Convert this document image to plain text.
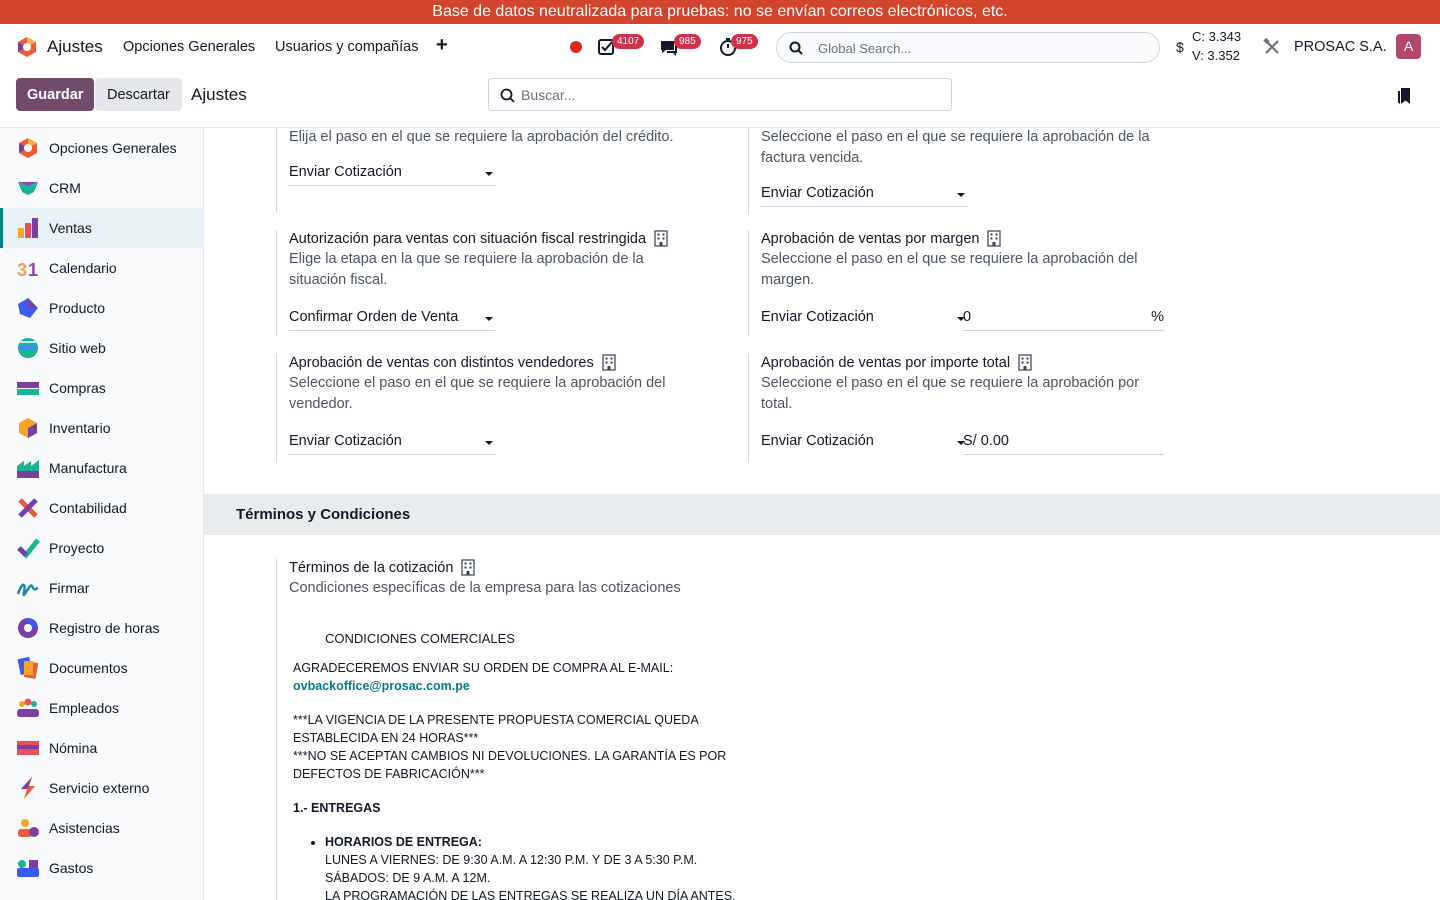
Base de datos neutralizada para pruebas: no se envían correos electrónicos, etc.
Ajustes Opciones Generales Usuarios y compañías +	4107	985	975
Global Search...	$
C: 3.343
V: 3.352
PROSAC S.A.	A
Guardar	Descartar	Ajustes
Buscar...
Opciones Generales
CRM
Ventas
3 1 Calendario
Producto
Sitio web
Compras
Inventario
Manufactura
Contabilidad
Proyecto
Firmar
Registro de horas
Documentos
Empleados
Nómina
Servicio externo
Asistencias
Gastos
Elija el paso en el que se requiere la aprobación del crédito.
Enviar Cotización
Seleccione el paso en el que se requiere la aprobación de la factura vencida.
Enviar Cotización
Autorización para ventas con situación fiscal restringida
Elige la etapa en la que se requiere la aprobación de la situación fiscal.
Confirmar Orden de Venta
Aprobación de ventas por margen
Seleccione el paso en el que se requiere la aprobación del margen.
Enviar Cotización	0	%
Aprobación de ventas con distintos vendedores
Seleccione el paso en el que se requiere la aprobación del vendedor.
Enviar Cotización
Aprobación de ventas por importe total
Seleccione el paso en el que se requiere la aprobación por total.
Enviar Cotización	S/ 0.00
Términos y Condiciones
Términos de la cotización
Condiciones específicas de la empresa para las cotizaciones
CONDICIONES COMERCIALES
AGRADECEREMOS ENVIAR SU ORDEN DE COMPRA AL E-MAIL:
ovbackoffice@prosac.com.pe
***LA VIGENCIA DE LA PRESENTE PROPUESTA COMERCIAL QUEDA ESTABLECIDA EN 24 HORAS***
***NO SE ACEPTAN CAMBIOS NI DEVOLUCIONES. LA GARANTÍA ES POR DEFECTOS DE FABRICACIÓN***
1.- ENTREGAS
• HORARIOS DE ENTREGA:
LUNES A VIERNES: DE 9:30 A.M. A 12:30 P.M. Y DE 3 A 5:30 P.M.
SÁBADOS: DE 9 A.M. A 12M.
LA PROGRAMACIÓN DE LAS ENTREGAS SE REALIZA UN DÍA ANTES.
